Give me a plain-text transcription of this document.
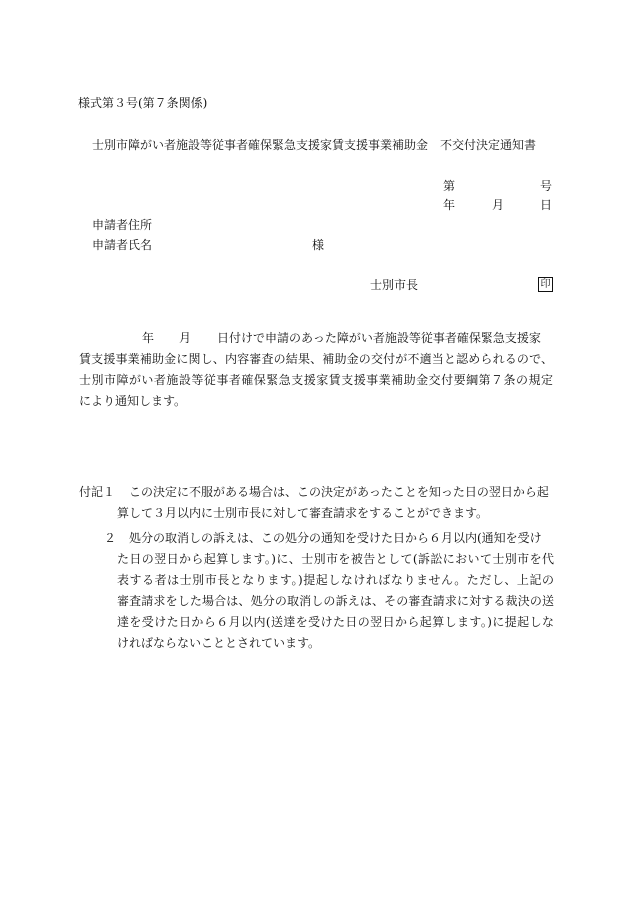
様式第３号(第７条関係)
士別市障がい者施設等従事者確保緊急支援家賃支援事業補助金　不交付決定通知書
第	号
年	月	日
申請者住所
申請者氏名	様
士別市長	印
年 月 日付けで申請のあった障がい者施設等従事者確保緊急支援家
賃支援事業補助金に関し、内容審査の結果、補助金の交付が不適当と認められるので、
士別市障がい者施設等従事者確保緊急支援家賃支援事業補助金交付要綱第７条の規定
により通知します。
付記１ この決定に不服がある場合は、この決定があったことを知った日の翌日から起
算して３月以内に士別市長に対して審査請求をすることができます。
２ 処分の取消しの訴えは、この処分の通知を受けた日から６月以内(通知を受け
た日の翌日から起算します。)に、士別市を被告として(訴訟において士別市を代
表する者は士別市長となります。)提起しなければなりません。ただし、上記の
審査請求をした場合は、処分の取消しの訴えは、その審査請求に対する裁決の送
達を受けた日から６月以内(送達を受けた日の翌日から起算します。)に提起しな
ければならないこととされています。
